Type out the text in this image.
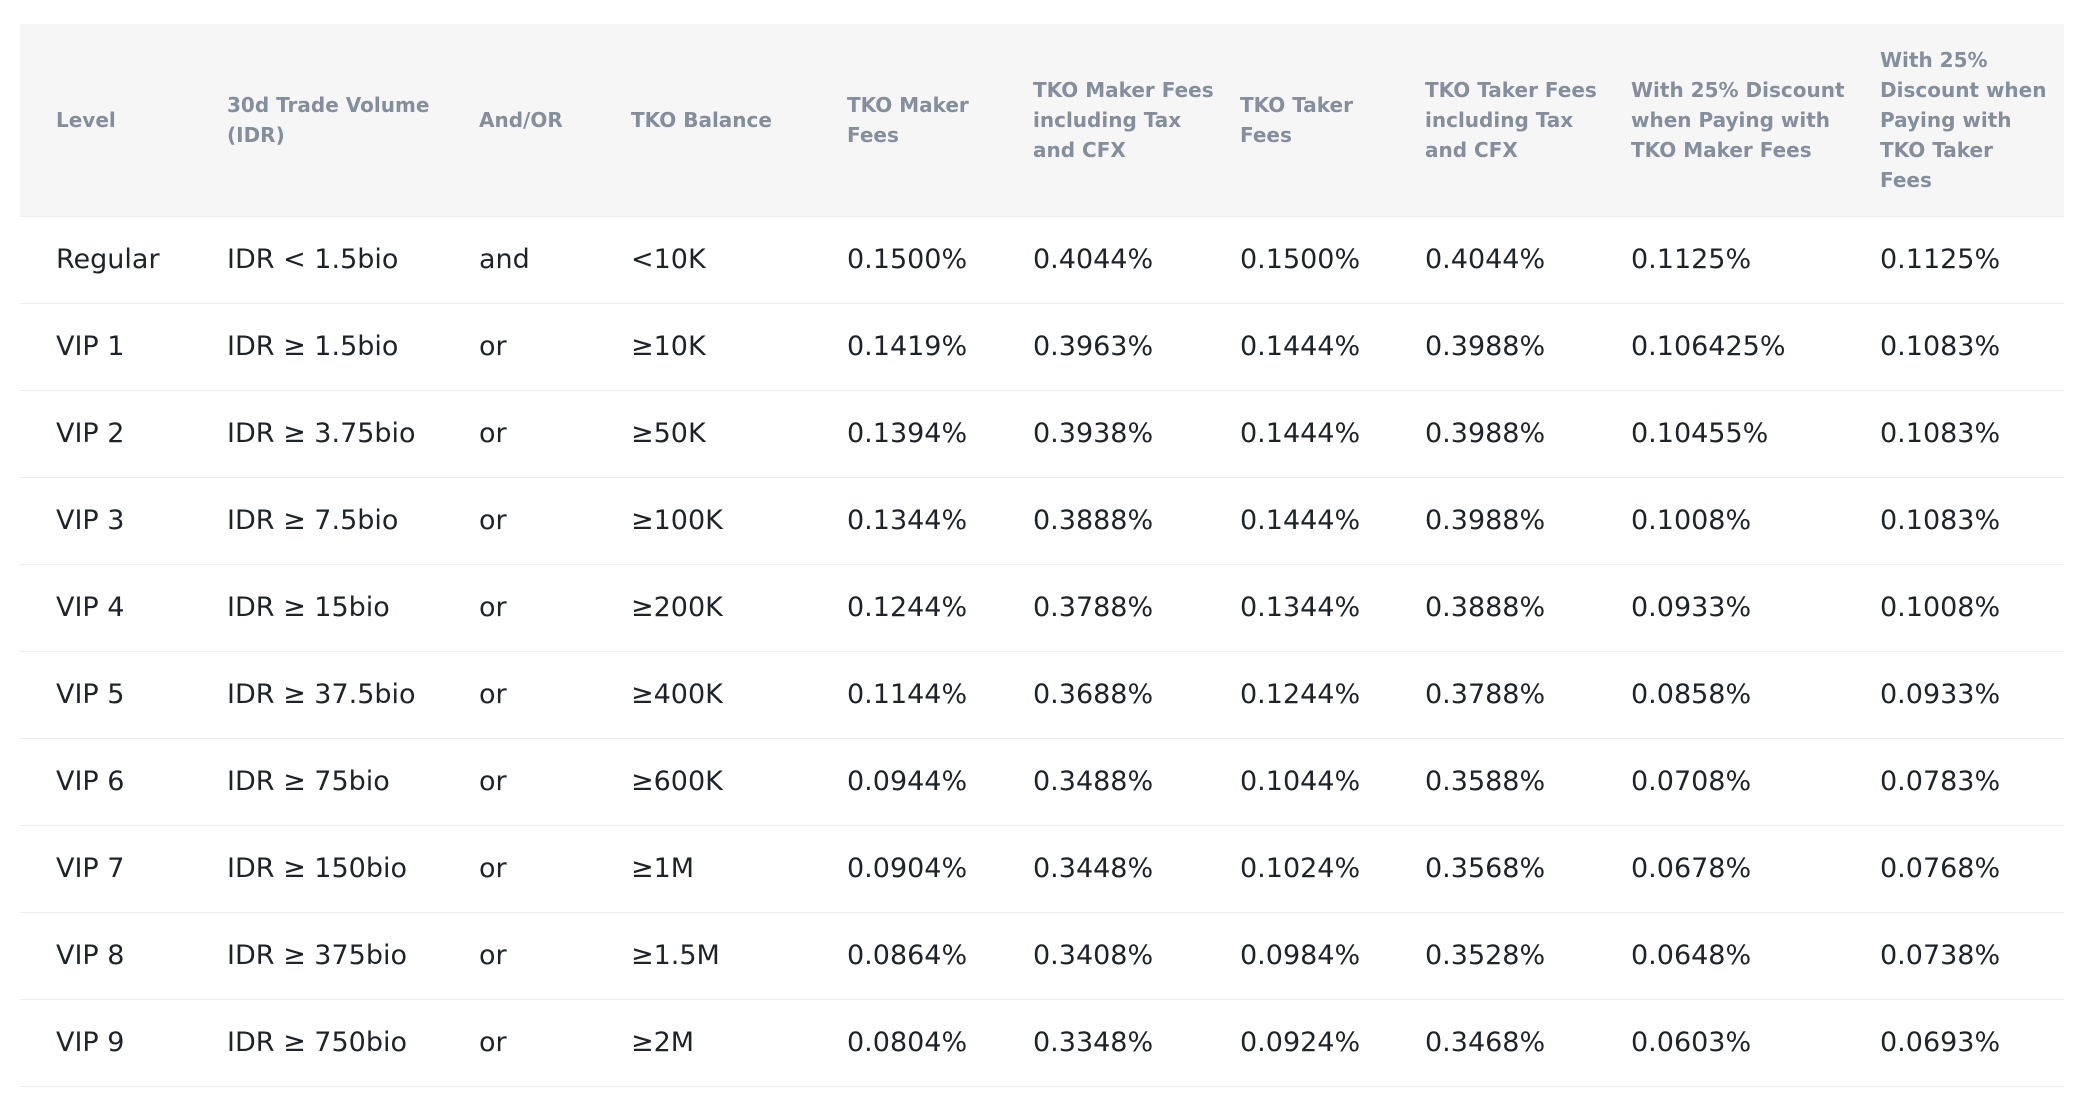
Level	30d Trade Volume (IDR)	And/OR	TKO Balance	TKO Maker Fees	TKO Maker Fees including Tax and CFX	TKO Taker Fees	TKO Taker Fees including Tax and CFX	With 25% Discount when Paying with TKO Maker Fees	With 25% Discount when Paying with TKO Taker Fees
Regular	IDR < 1.5bio	and	<10K	0.1500%	0.4044%	0.1500%	0.4044%	0.1125%	0.1125%
VIP 1	IDR ≥ 1.5bio	or	≥10K	0.1419%	0.3963%	0.1444%	0.3988%	0.106425%	0.1083%
VIP 2	IDR ≥ 3.75bio	or	≥50K	0.1394%	0.3938%	0.1444%	0.3988%	0.10455%	0.1083%
VIP 3	IDR ≥ 7.5bio	or	≥100K	0.1344%	0.3888%	0.1444%	0.3988%	0.1008%	0.1083%
VIP 4	IDR ≥ 15bio	or	≥200K	0.1244%	0.3788%	0.1344%	0.3888%	0.0933%	0.1008%
VIP 5	IDR ≥ 37.5bio	or	≥400K	0.1144%	0.3688%	0.1244%	0.3788%	0.0858%	0.0933%
VIP 6	IDR ≥ 75bio	or	≥600K	0.0944%	0.3488%	0.1044%	0.3588%	0.0708%	0.0783%
VIP 7	IDR ≥ 150bio	or	≥1M	0.0904%	0.3448%	0.1024%	0.3568%	0.0678%	0.0768%
VIP 8	IDR ≥ 375bio	or	≥1.5M	0.0864%	0.3408%	0.0984%	0.3528%	0.0648%	0.0738%
VIP 9	IDR ≥ 750bio	or	≥2M	0.0804%	0.3348%	0.0924%	0.3468%	0.0603%	0.0693%
